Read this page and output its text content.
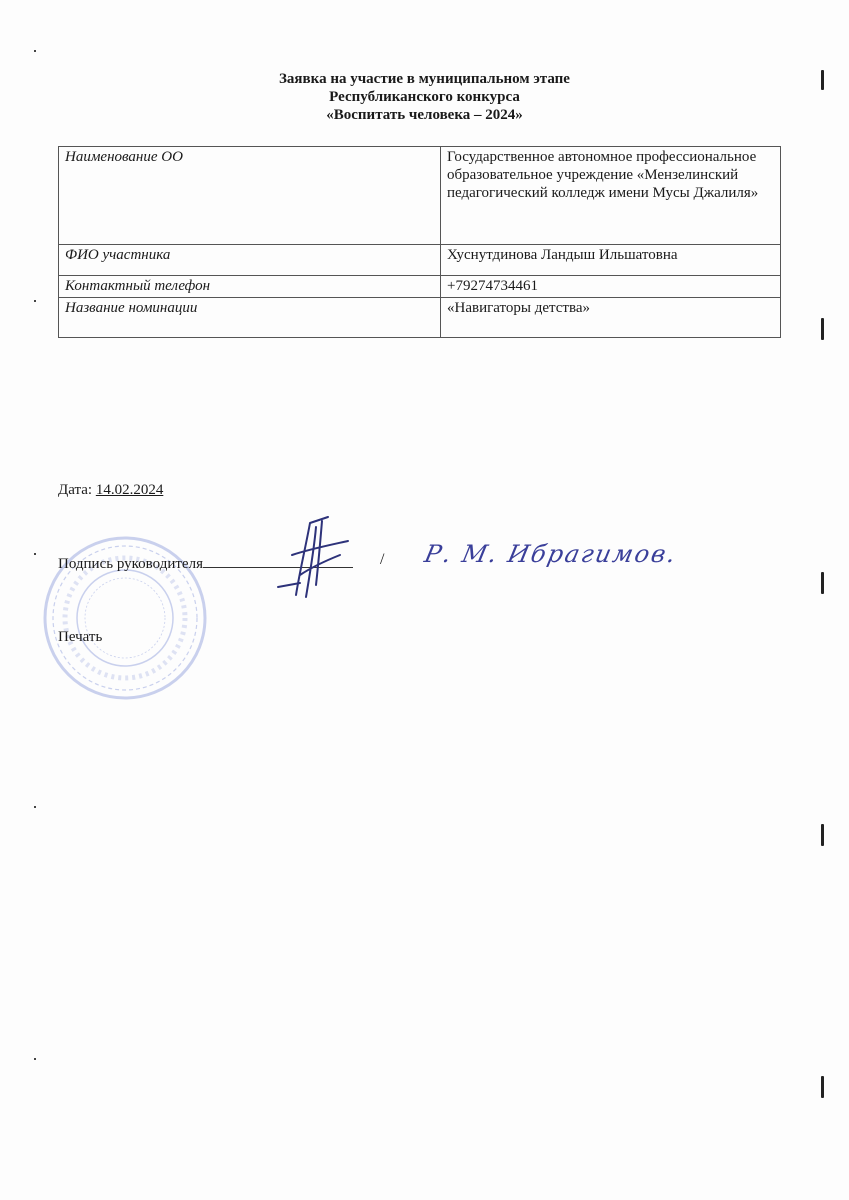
Заявка на участие в муниципальном этапе
Республиканского конкурса
«Воспитать человека – 2024»
Наименование ОО	Государственное автономное профессиональное образовательное учреждение «Мензелинский педагогический колледж имени Мусы Джалиля»
ФИО участника	Хуснутдинова Ландыш Ильшатовна
Контактный телефон	+79274734461
Название номинации	«Навигаторы детства»
Дата: 14.02.2024
Подпись руководителя	/ Р. М. Ибрагимов.
Печать
